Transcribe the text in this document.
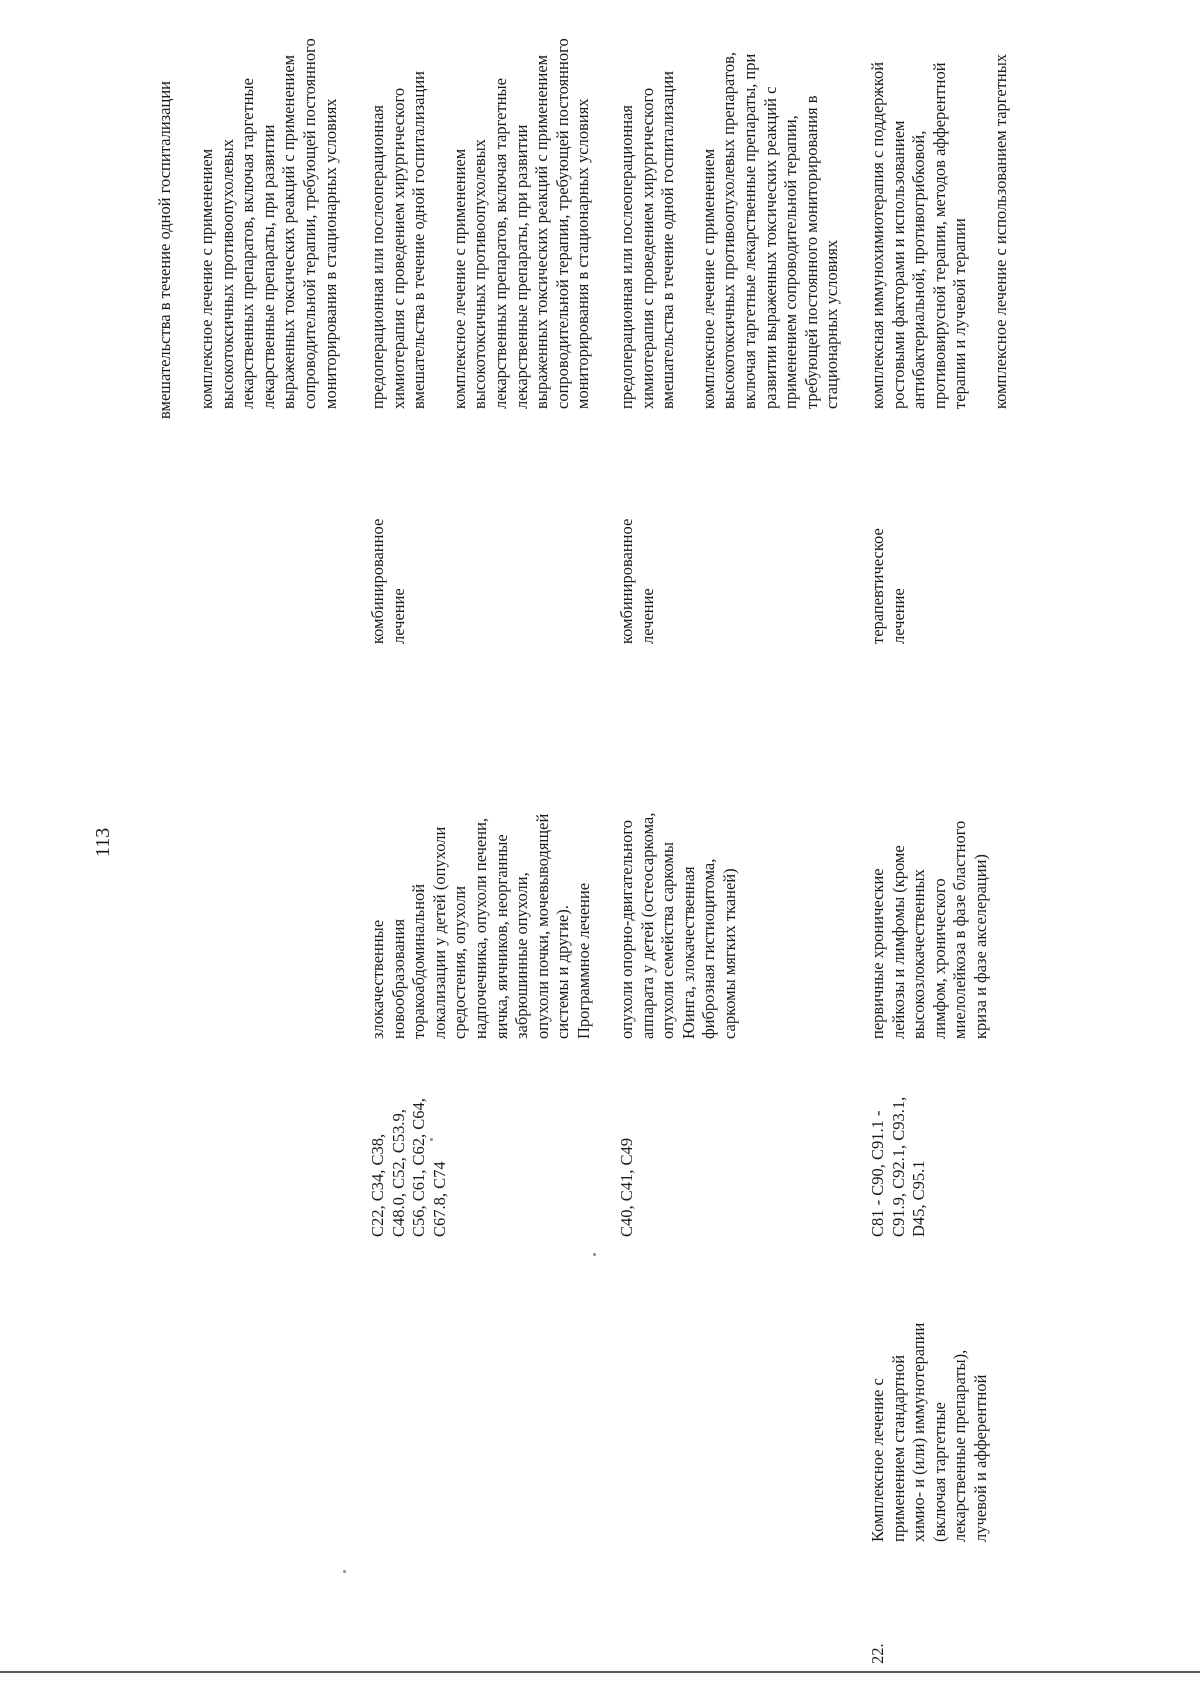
113
вмешательства в течение одной госпитализации комплексное лечение с применением высокотоксичных противоопухолевых лекарственных препаратов, включая таргетные лекарственные препараты, при развитии выраженных токсических реакций с применением сопроводительной терапии, требующей постоянного мониторирования в стационарных условиях
C22, C34, C38, C48.0, C52, C53.9, C56, C61, C62, C64, C67.8, C74
злокачественные новообразования торакоабдоминальной локализации у детей (опухоли средостения, опухоли надпочечника, опухоли печени, яичка, яичников, неорганные забрюшинные опухоли, опухоли почки, мочевыводящей системы и другие). Программное лечение
комбинированное лечение
предоперационная или послеоперационная химиотерапия с проведением хирургического вмешательства в течение одной госпитализации комплексное лечение с применением высокотоксичных противоопухолевых лекарственных препаратов, включая таргетные лекарственные препараты, при развитии выраженных токсических реакций с применением сопроводительной терапии, требующей постоянного мониторирования в стационарных условиях
C40, C41, C49
опухоли опорно-двигательного аппарата у детей (остеосаркома, опухоли семейства саркомы Юинга, злокачественная фиброзная гистиоцитома, саркомы мягких тканей)
комбинированное лечение
предоперационная или послеоперационная химиотерапия с проведением хирургического вмешательства в течение одной госпитализации комплексное лечение с применением высокотоксичных противоопухолевых препаратов, включая таргетные лекарственные препараты, при развитии выраженных токсических реакций с применением сопроводительной терапии, требующей постоянного мониторирования в стационарных условиях
22.
Комплексное лечение с применением стандартной химио- и (или) иммунотерапии (включая таргетные лекарственные препараты), лучевой и афферентной
C81 - C90, C91.1 - C91.9, C92.1, C93.1, D45, C95.1
первичные хронические лейкозы и лимфомы (кроме высокозлокачественных лимфом, хронического миелолейкоза в фазе бластного криза и фазе акселерации)
терапевтическое лечение
комплексная иммунохимиотерапия с поддержкой ростовыми факторами и использованием антибактериальной, противогрибковой, противовирусной терапии, методов афферентной терапии и лучевой терапии комплексное лечение с использованием таргетных
